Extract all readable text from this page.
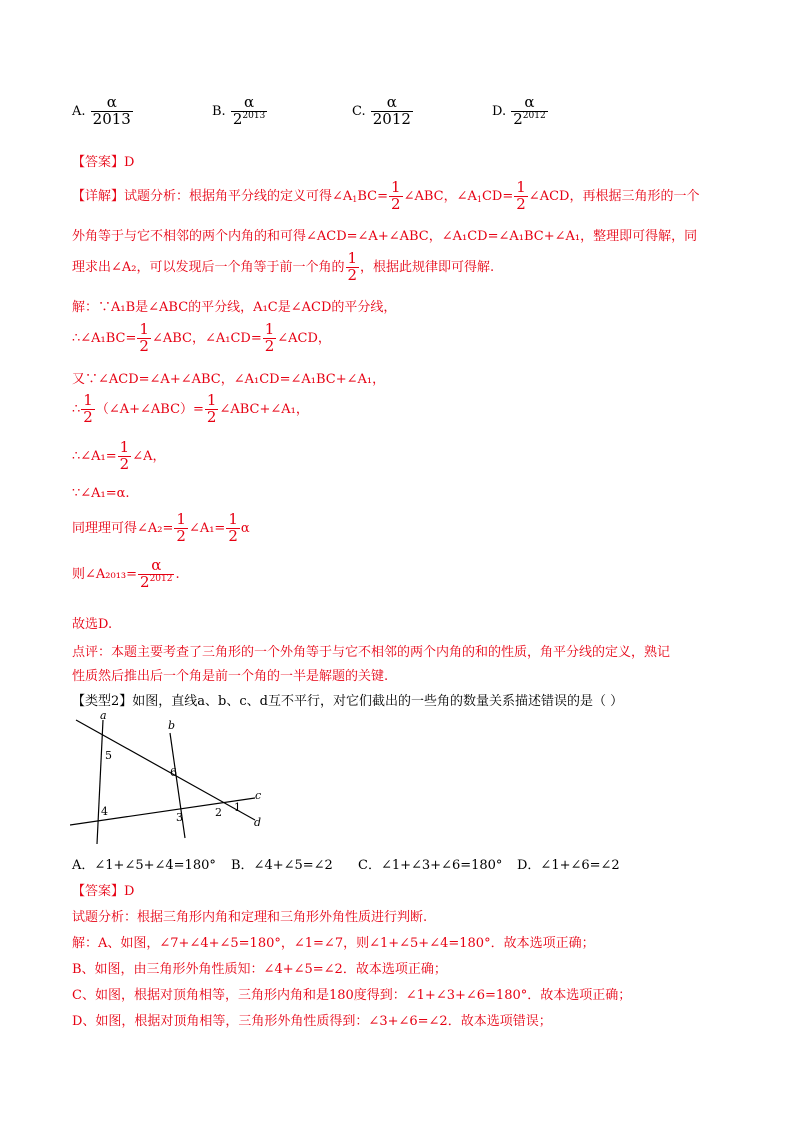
A. $\frac{\alpha}{2013}$	B. $\frac{\alpha}{2^{2013}}$	C. $\frac{\alpha}{2012}$	D. $\frac{\alpha}{2^{2012}}$
【答案】D
【详解】试题分析：根据角平分线的定义可得$\angle A_1BC= \frac{1}{2}$ ∠ABC，$\angle A_1CD= \frac{1}{2}$ ∠ACD，再根据三角形的一个
外角等于与它不相邻的两个内角的和可得∠ACD=∠A+∠ABC，∠A₁CD=∠A₁BC+∠A₁，整理即可得解，同
理求出∠A₂，可以发现后一个角等于前一个角的 $\frac{1}{2}$ ，根据此规律即可得解.
解：∵A₁B是∠ABC的平分线，A₁C是∠ACD的平分线，
∴∠A₁BC= $\frac{1}{2}$ ∠ABC，∠A₁CD= $\frac{1}{2}$ ∠ACD，
又∵∠ACD=∠A+∠ABC，∠A₁CD=∠A₁BC+∠A₁，
∴ $\frac{1}{2}$ （∠A+∠ABC）= $\frac{1}{2}$ ∠ABC+∠A₁，
∴∠A₁= $\frac{1}{2}$ ∠A，
∵∠A₁=α.
同理理可得∠A₂= $\frac{1}{2}$ ∠A₁= $\frac{1}{2}$ α
则∠A₂₀₁₃= $\frac{\alpha}{2^{2012}}$ .
故选D.
点评：本题主要考查了三角形的一个外角等于与它不相邻的两个内角的和的性质，角平分线的定义，熟记
性质然后推出后一个角是前一个角的一半是解题的关键.
【类型2】如图，直线a、b、c、d互不平行，对它们截出的一些角的数量关系描述错误的是（ ）
a
b
c
d
1
2
3
4
5
6
A．∠1+∠5+∠4=180° B．∠4+∠5=∠2 C．∠1+∠3+∠6=180° D．∠1+∠6=∠2
【答案】D
试题分析：根据三角形内角和定理和三角形外角性质进行判断.
解：A、如图，∠7+∠4+∠5=180°，∠1=∠7，则∠1+∠5+∠4=180°．故本选项正确；
B、如图，由三角形外角性质知：∠4+∠5=∠2．故本选项正确；
C、如图，根据对顶角相等，三角形内角和是180度得到：∠1+∠3+∠6=180°．故本选项正确；
D、如图，根据对顶角相等，三角形外角性质得到：∠3+∠6=∠2．故本选项错误；
